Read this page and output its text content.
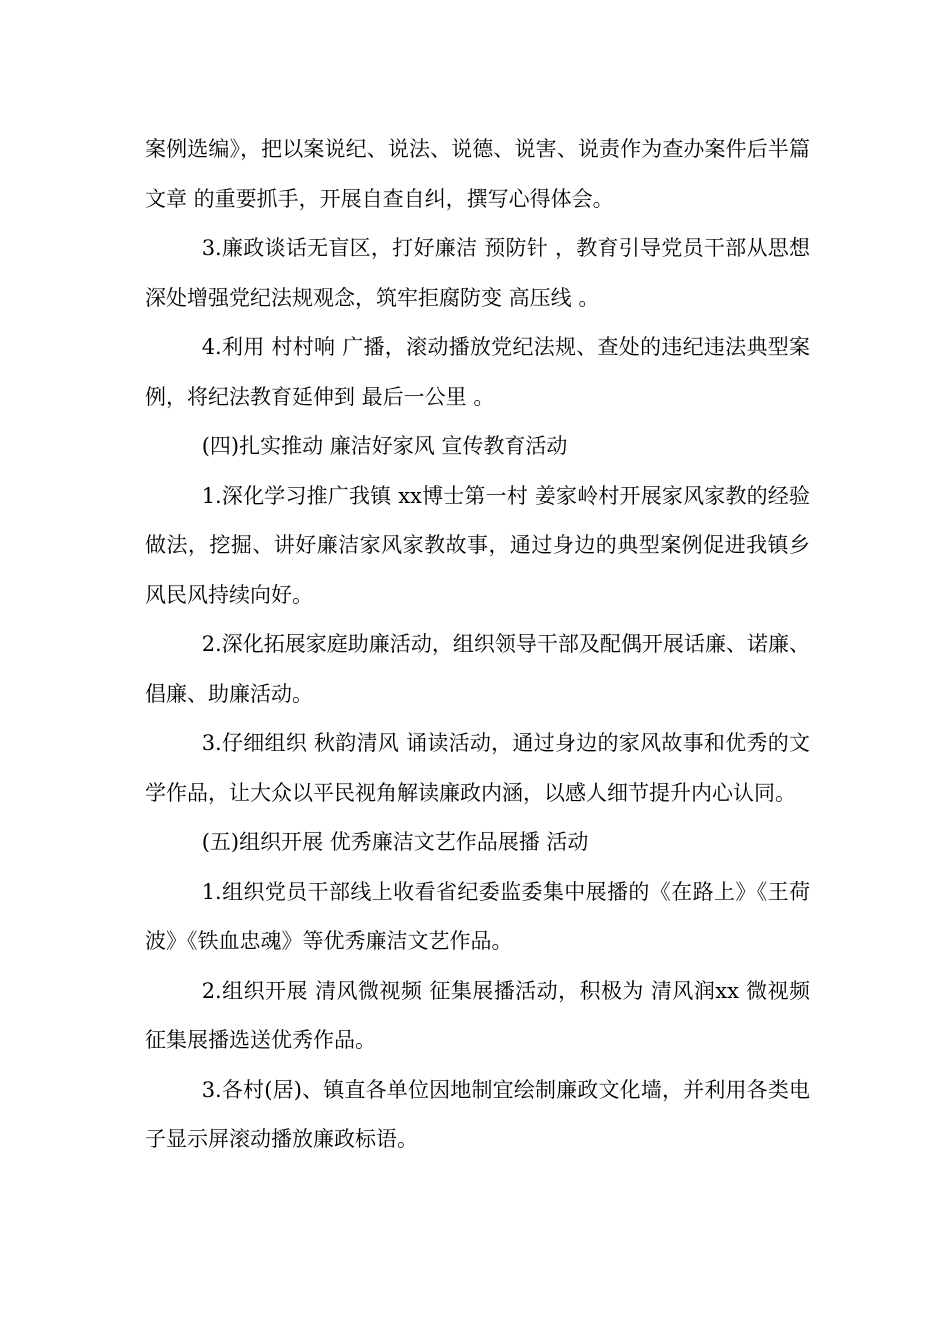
案例选编》，把以案说纪、说法、说德、说害、说责作为查办案件后半篇文章 的重要抓手，开展自查自纠，撰写心得体会。

3.廉政谈话无盲区，打好廉洁 预防针 ，教育引导党员干部从思想深处增强党纪法规观念，筑牢拒腐防变 高压线 。

4.利用 村村响 广播，滚动播放党纪法规、查处的违纪违法典型案例，将纪法教育延伸到 最后一公里 。

(四)扎实推动 廉洁好家风 宣传教育活动

1.深化学习推广我镇 xx博士第一村 姜家岭村开展家风家教的经验做法，挖掘、讲好廉洁家风家教故事，通过身边的典型案例促进我镇乡风民风持续向好。

2.深化拓展家庭助廉活动，组织领导干部及配偶开展话廉、诺廉、倡廉、助廉活动。

3.仔细组织 秋韵清风 诵读活动，通过身边的家风故事和优秀的文学作品，让大众以平民视角解读廉政内涵，以感人细节提升内心认同。

(五)组织开展 优秀廉洁文艺作品展播 活动

1.组织党员干部线上收看省纪委监委集中展播的《在路上》《王荷波》《铁血忠魂》等优秀廉洁文艺作品。

2.组织开展 清风微视频 征集展播活动，积极为 清风润xx 微视频征集展播选送优秀作品。

3.各村(居)、镇直各单位因地制宜绘制廉政文化墙，并利用各类电子显示屏滚动播放廉政标语。
